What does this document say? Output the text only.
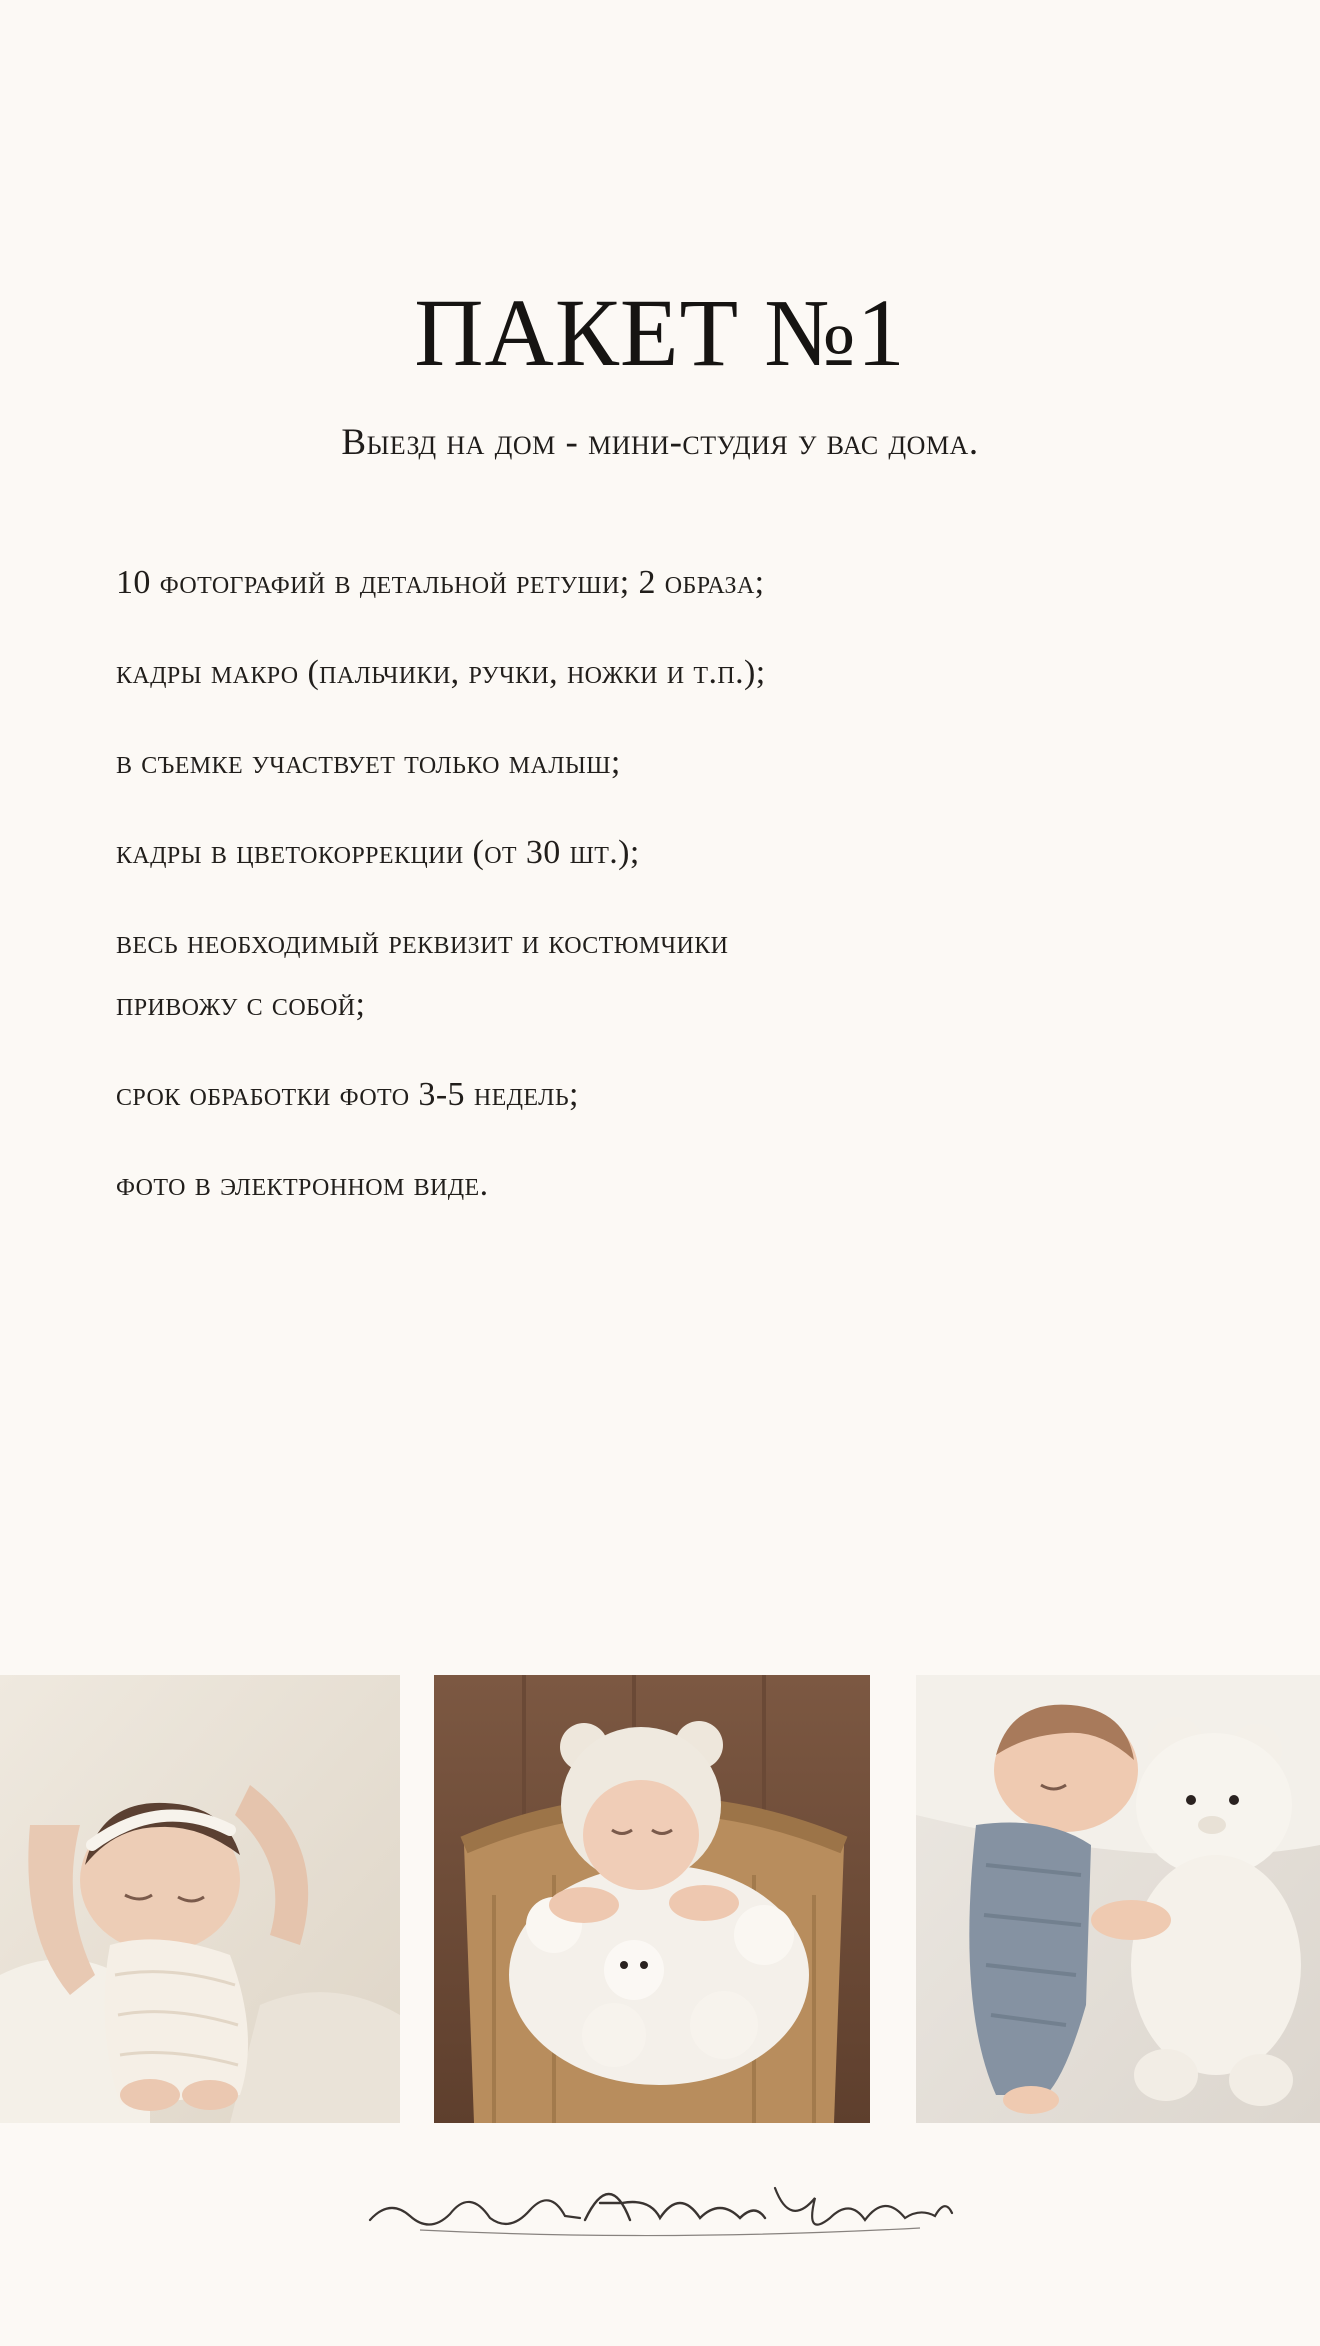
ПАКЕТ №1
Выезд на дом - мини-студия у вас дома.
10 фотографий в детальной ретуши; 2 образа;
кадры макро (пальчики, ручки, ножки и т.п.);
в съемке участвует только малыш;
кадры в цветокоррекции (от 30 шт.);
весь необходимый реквизит и костюмчики
привожу с собой;
срок обработки фото 3-5 недель;
фото в электронном виде.
